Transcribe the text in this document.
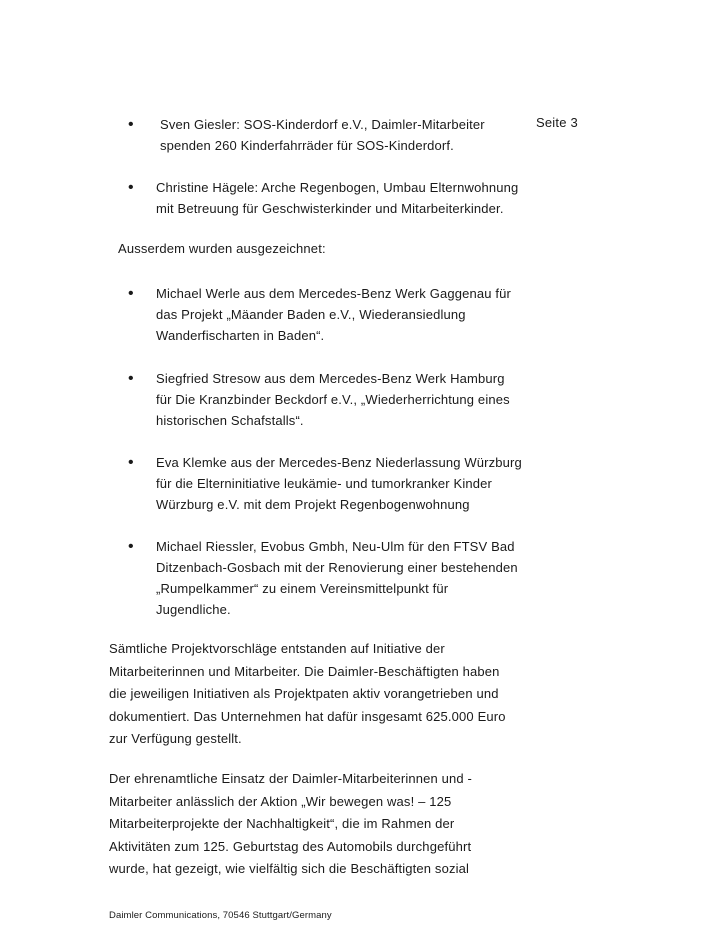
Seite 3
• Sven Giesler: SOS-Kinderdorf e.V., Daimler-Mitarbeiter
spenden 260 Kinderfahrräder für SOS-Kinderdorf.
• Christine Hägele: Arche Regenbogen, Umbau Elternwohnung
mit Betreuung für Geschwisterkinder und Mitarbeiterkinder.
Ausserdem wurden ausgezeichnet:
• Michael Werle aus dem Mercedes-Benz Werk Gaggenau für
das Projekt „Mäander Baden e.V., Wiederansiedlung
Wanderfischarten in Baden“.
• Siegfried Stresow aus dem Mercedes-Benz Werk Hamburg
für Die Kranzbinder Beckdorf e.V., „Wiederherrichtung eines
historischen Schafstalls“.
• Eva Klemke aus der Mercedes-Benz Niederlassung Würzburg
für die Elterninitiative leukämie- und tumorkranker Kinder
Würzburg e.V. mit dem Projekt Regenbogenwohnung
• Michael Riessler, Evobus Gmbh, Neu-Ulm für den FTSV Bad
Ditzenbach-Gosbach mit der Renovierung einer bestehenden
„Rumpelkammer“ zu einem Vereinsmittelpunkt für
Jugendliche.
Sämtliche Projektvorschläge entstanden auf Initiative der
Mitarbeiterinnen und Mitarbeiter. Die Daimler-Beschäftigten haben
die jeweiligen Initiativen als Projektpaten aktiv vorangetrieben und
dokumentiert. Das Unternehmen hat dafür insgesamt 625.000 Euro
zur Verfügung gestellt.
Der ehrenamtliche Einsatz der Daimler-Mitarbeiterinnen und -
Mitarbeiter anlässlich der Aktion „Wir bewegen was! – 125
Mitarbeiterprojekte der Nachhaltigkeit“, die im Rahmen der
Aktivitäten zum 125. Geburtstag des Automobils durchgeführt
wurde, hat gezeigt, wie vielfältig sich die Beschäftigten sozial
Daimler Communications, 70546 Stuttgart/Germany
